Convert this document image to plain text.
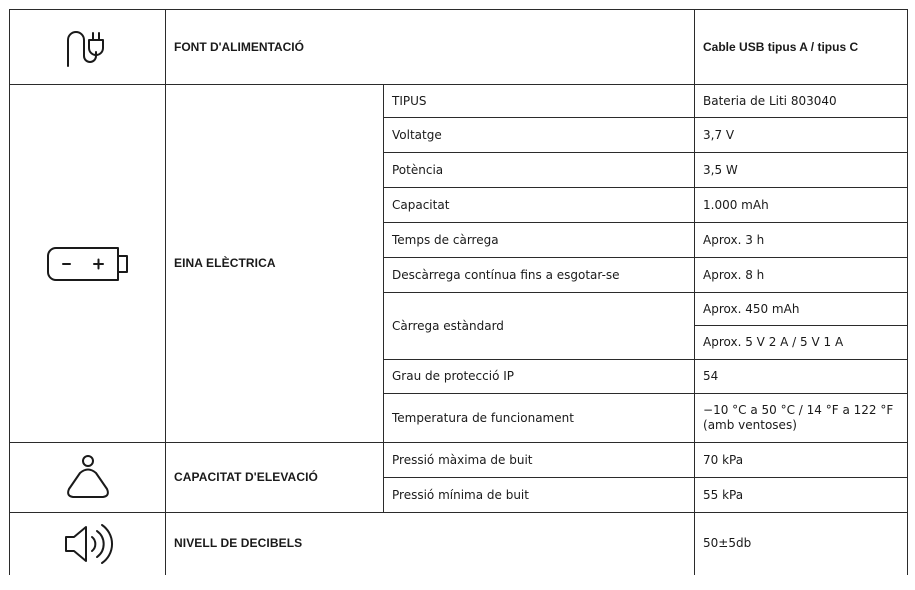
	FONT D'ALIMENTACIÓ		Cable USB tipus A / tipus C

	EINA ELÈCTRICA	TIPUS	Bateria de Liti 803040
		Voltatge	3,7 V
		Potència	3,5 W
		Capacitat	1.000 mAh
		Temps de càrrega	Aprox. 3 h
		Descàrrega contínua fins a esgotar-se	Aprox. 8 h
		Càrrega estàndard	Aprox. 450 mAh
			Aprox. 5 V 2 A / 5 V 1 A
		Grau de protecció IP	54
		Temperatura de funcionament	−10 °C a 50 °C / 14 °F a 122 °F (amb ventoses)

	CAPACITAT D'ELEVACIÓ	Pressió màxima de buit	70 kPa
		Pressió mínima de buit	55 kPa

	NIVELL DE DECIBELS		50±5db
